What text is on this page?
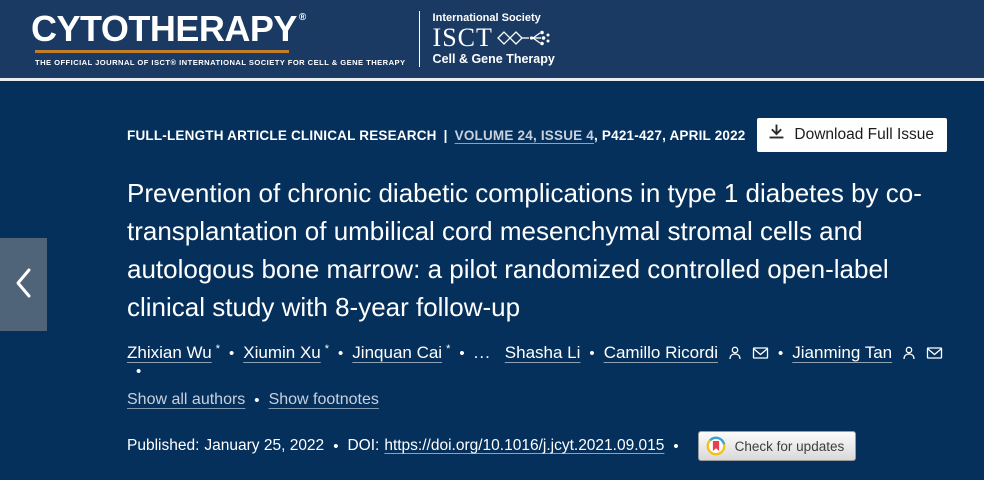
CYTOTHERAPY®
THE OFFICIAL JOURNAL OF ISCT® INTERNATIONAL SOCIETY FOR CELL & GENE THERAPY
International Society
ISCT
Cell & Gene Therapy
FULL-LENGTH ARTICLE CLINICAL RESEARCH | VOLUME 24, ISSUE 4 , P421-427, APRIL 2022	Download Full Issue
Prevention of chronic diabetic complications in type 1 diabetes by co-transplantation of umbilical cord mesenchymal stromal cells and autologous bone marrow: a pilot randomized controlled open-label clinical study with 8-year follow-up
Zhixian Wu * • Xiumin Xu * • Jinquan Cai * • ... Shasha Li • Camillo Ricordi	• Jianming Tan
•
Show all authors • Show footnotes
Published: January 25, 2022 • DOI: https://doi.org/10.1016/j.jcyt.2021.09.015 •	Check for updates
